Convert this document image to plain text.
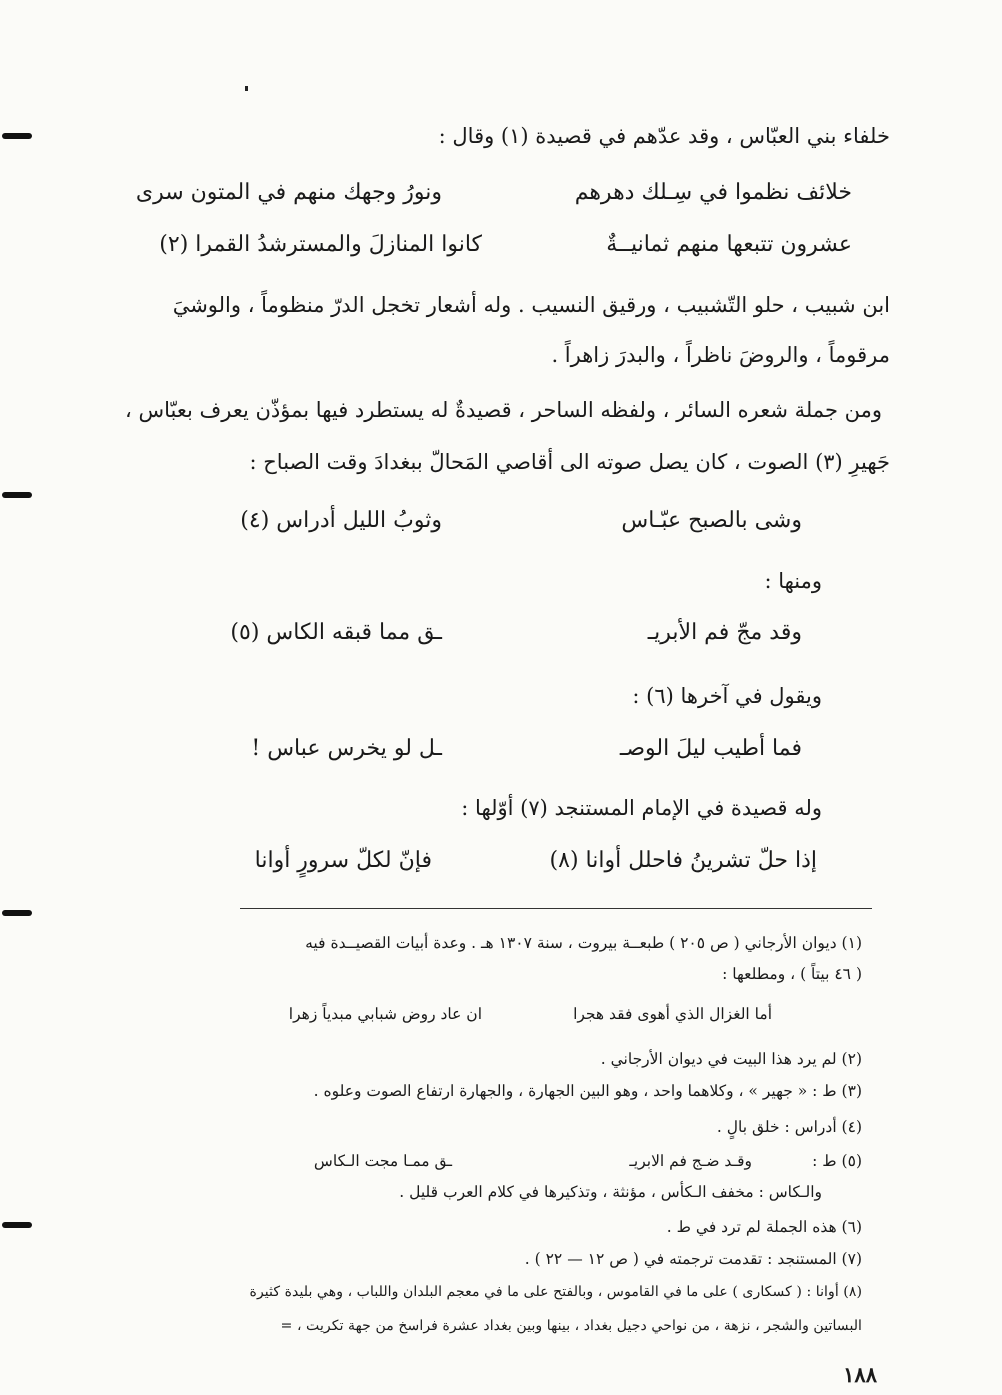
خلفاء بني العبّاس ، وقد عدّهم في قصيدة (١) وقال :
خلائف نظموا في سِـلك دهرهم
ونورُ وجهك منهم في المتون سرى
عشرون تتبعها منهم ثمانيــةٌ
كانوا المنازلَ والمسترشدُ القمرا (٢)
ابن شبيب ، حلو التّشبيب ، ورقيق النسيب . وله أشعار تخجل الدرّ منظوماً ، والوشيَ
مرقوماً ، والروضَ ناظراً ، والبدرَ زاهراً .
ومن جملة شعره السائر ، ولفظه الساحر ، قصيدةٌ له يستطرد فيها بمؤذّن يعرف بعبّاس ،
جَهيرِ (٣) الصوت ، كان يصل صوته الى أقاصي المَحالّ ببغدادَ وقت الصباح :
وشى بالصبح عبّـاس
وثوبُ الليل أدراس (٤)
ومنها :
وقد مجّ فم الأبريـ
ـق مما قبقه الكاس (٥)
ويقول في آخرها (٦) :
فما أطيب ليلَ الوصـ
ـل لو يخرس عباس !
وله قصيدة في الإمام المستنجد (٧) أوّلها :
إذا حلّ تشرينُ فاحلل أوانا (٨)
فإنّ لكلّ سرورٍ أوانا
(١) ديوان الأرجاني ( ص ٢٠٥ ) طبعــة بيروت ، سنة ١٣٠٧ هـ . وعدة أبيات القصيــدة فيه
( ٤٦ بيتاً ) ، ومطلعها :
أما الغزال الذي أهوى فقد هجرا
ان عاد روض شبابي مبدياً زهرا
(٢) لم يرد هذا البيت في ديوان الأرجاني .
(٣) ط : « جهير » ، وكلاهما واحد ، وهو البين الجهارة ، والجهارة ارتفاع الصوت وعلوه .
(٤) أدراس : خلق بالٍ .
(٥) ط :
وقـد ضـج فم الابريـ
ـق ممـا مجت الـكاس
والـكاس : مخفف الـكأس ، مؤنثة ، وتذكيرها في كلام العرب قليل .
(٦) هذه الجملة لم ترد في ط .
(٧) المستنجد : تقدمت ترجمته في ( ص ١٢ — ٢٢ ) .
(٨) أوانا : ( كسكارى ) على ما في القاموس ، وبالفتح على ما في معجم البلدان واللباب ، وهي بليدة كثيرة
البساتين والشجر ، نزهة ، من نواحي دجيل بغداد ، بينها وبين بغداد عشرة فراسخ من جهة تكريت ، =
١٨٨
